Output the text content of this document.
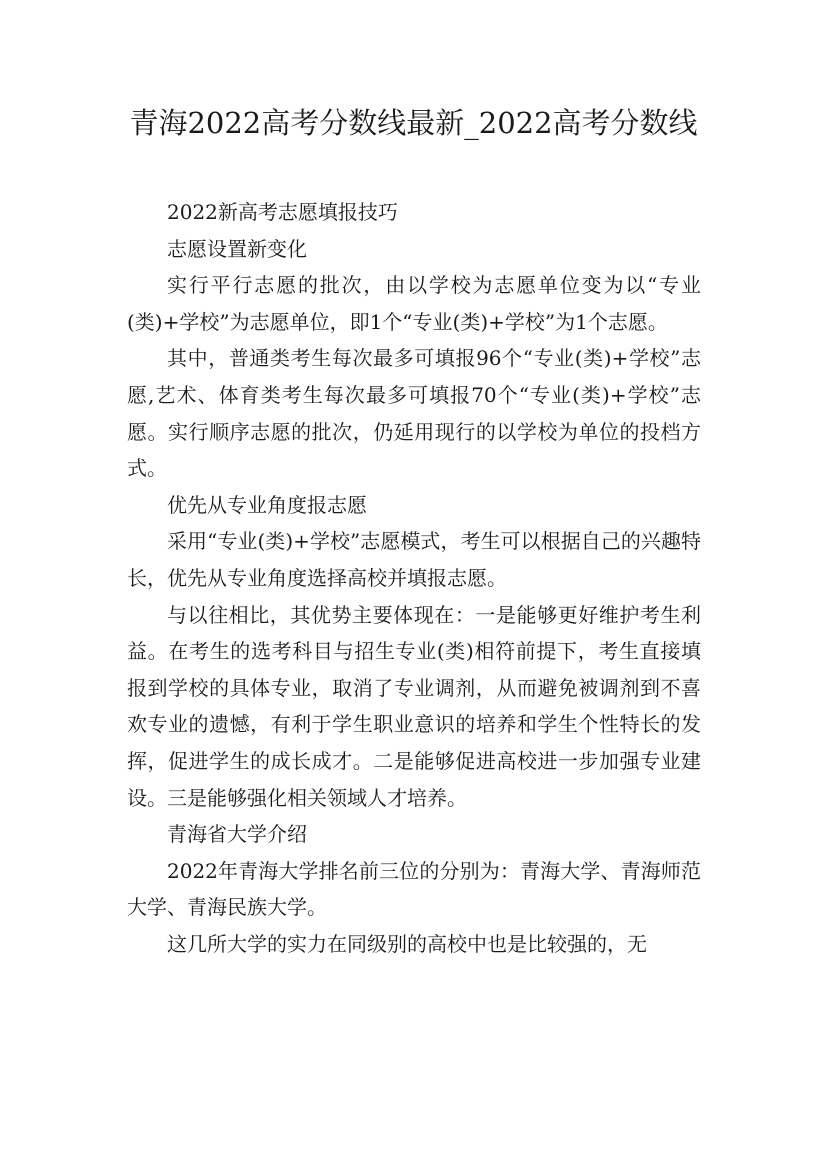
青海2022高考分数线最新_2022高考分数线

2022新高考志愿填报技巧

志愿设置新变化

实行平行志愿的批次，由以学校为志愿单位变为以“专业(类)+学校”为志愿单位，即1个“专业(类)+学校”为1个志愿。

其中，普通类考生每次最多可填报96个“专业(类)+学校”志愿,艺术、体育类考生每次最多可填报70个“专业(类)+学校”志愿。实行顺序志愿的批次，仍延用现行的以学校为单位的投档方式。

优先从专业角度报志愿

采用“专业(类)+学校”志愿模式，考生可以根据自己的兴趣特长，优先从专业角度选择高校并填报志愿。

与以往相比，其优势主要体现在：一是能够更好维护考生利益。在考生的选考科目与招生专业(类)相符前提下，考生直接填报到学校的具体专业，取消了专业调剂，从而避免被调剂到不喜欢专业的遗憾，有利于学生职业意识的培养和学生个性特长的发挥，促进学生的成长成才。二是能够促进高校进一步加强专业建设。三是能够强化相关领域人才培养。

青海省大学介绍

2022年青海大学排名前三位的分别为：青海大学、青海师范大学、青海民族大学。

这几所大学的实力在同级别的高校中也是比较强的，无
